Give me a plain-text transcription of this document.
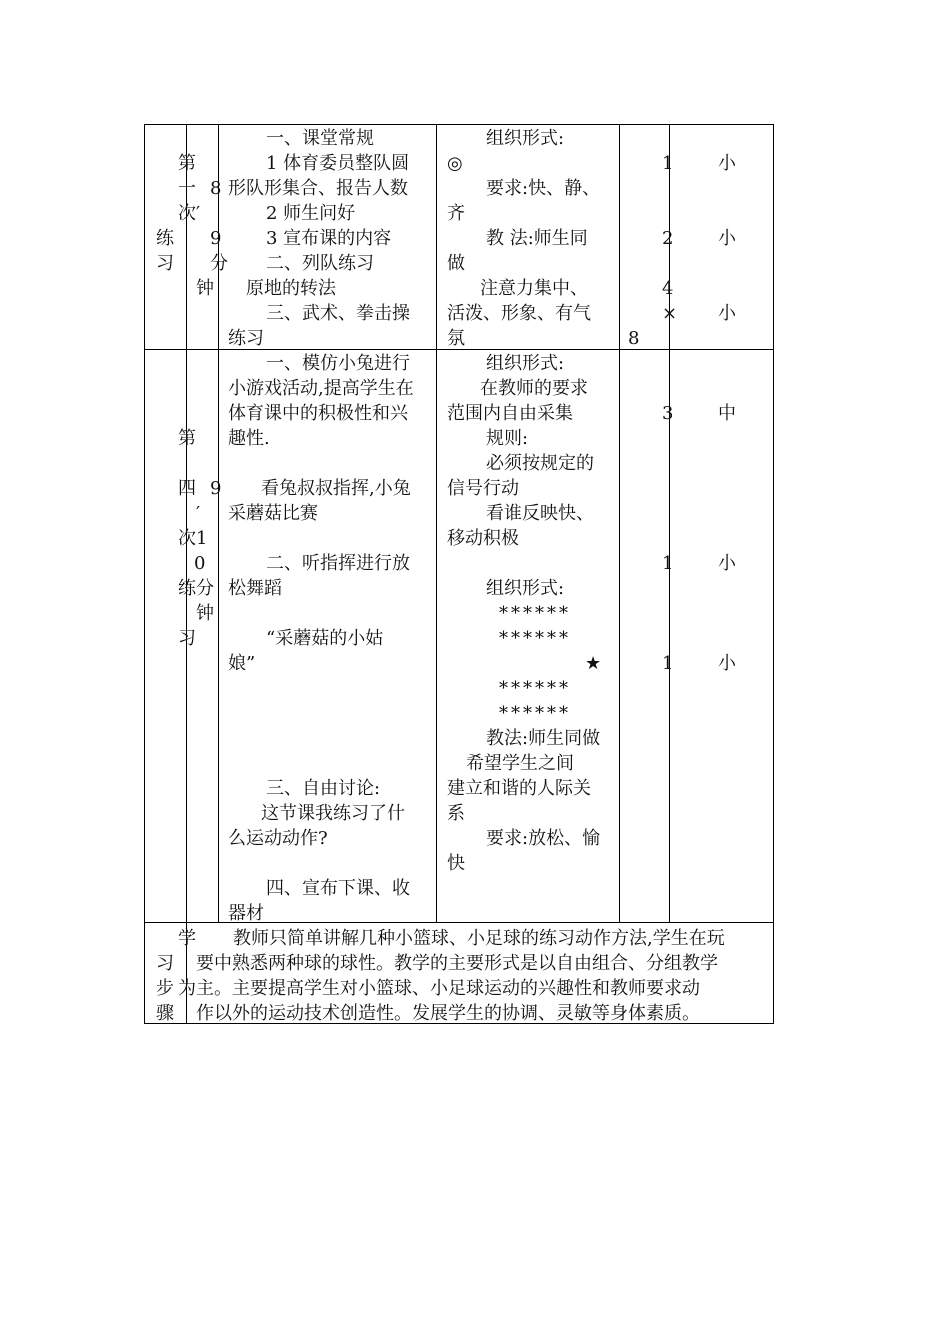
第
一
次′
练
习
8
9
分
钟
一、课堂常规
1 体育委员整队圆
形队形集合、报告人数
2 师生问好
3 宣布课的内容
二、列队练习
原地的转法
三、武术、拳击操
练习
组织形式:
◎
要求:快、静、
齐
教 法:师生同
做
注意力集中、
活泼、形象、有气
氛
1
2
4
×
8
小
小
小
第
四
次1
0
练分
习
9
′
钟
一、模仿小兔进行
小游戏活动,提高学生在
体育课中的积极性和兴
趣性.
看兔叔叔指挥,小兔
采蘑菇比赛
二、听指挥进行放
松舞蹈
“采蘑菇的小姑
娘”
三、自由讨论:
这节课我练习了什
么运动动作?
四、宣布下课、收
器材
组织形式:
在教师的要求
范围内自由采集
规则:
必须按规定的
信号行动
看谁反映快、
移动积极
组织形式:
******
******
★
******
******
教法:师生同做
希望学生之间
建立和谐的人际关
系
要求:放松、愉
快
3
1
1
中
小
小
学
习
步
骤
教师只简单讲解几种小篮球、小足球的练习动作方法,学生在玩
要中熟悉两种球的球性。教学的主要形式是以自由组合、分组教学
为主。主要提高学生对小篮球、小足球运动的兴趣性和教师要求动
作以外的运动技术创造性。发展学生的协调、灵敏等身体素质。
